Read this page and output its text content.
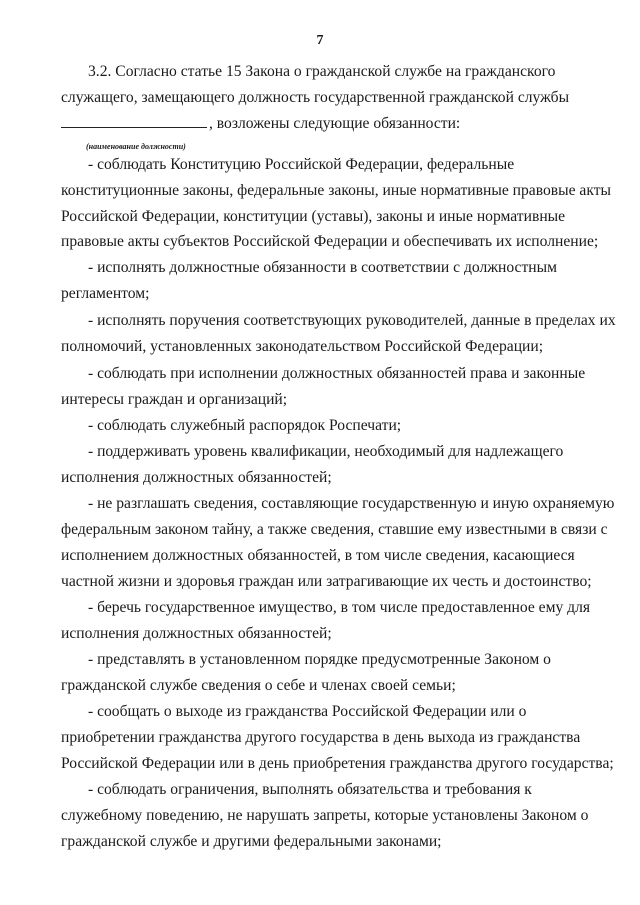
7
3.2. Согласно статье 15 Закона о гражданской службе на гражданского
служащего, замещающего должность государственной гражданской службы
, возложены следующие обязанности:
(наименование должности)
- соблюдать Конституцию Российской Федерации, федеральные
конституционные законы, федеральные законы, иные нормативные правовые акты
Российской Федерации, конституции (уставы), законы и иные нормативные
правовые акты субъектов Российской Федерации и обеспечивать их исполнение;
- исполнять должностные обязанности в соответствии с должностным
регламентом;
- исполнять поручения соответствующих руководителей, данные в пределах их
полномочий, установленных законодательством Российской Федерации;
- соблюдать при исполнении должностных обязанностей права и законные
интересы граждан и организаций;
- соблюдать служебный распорядок Роспечати;
- поддерживать уровень квалификации, необходимый для надлежащего
исполнения должностных обязанностей;
- не разглашать сведения, составляющие государственную и иную охраняемую
федеральным законом тайну, а также сведения, ставшие ему известными в связи с
исполнением должностных обязанностей, в том числе сведения, касающиеся
частной жизни и здоровья граждан или затрагивающие их честь и достоинство;
- беречь государственное имущество, в том числе предоставленное ему для
исполнения должностных обязанностей;
- представлять в установленном порядке предусмотренные Законом о
гражданской службе сведения о себе и членах своей семьи;
- сообщать о выходе из гражданства Российской Федерации или о
приобретении гражданства другого государства в день выхода из гражданства
Российской Федерации или в день приобретения гражданства другого государства;
- соблюдать ограничения, выполнять обязательства и требования к
служебному поведению, не нарушать запреты, которые установлены Законом о
гражданской службе и другими федеральными законами;
